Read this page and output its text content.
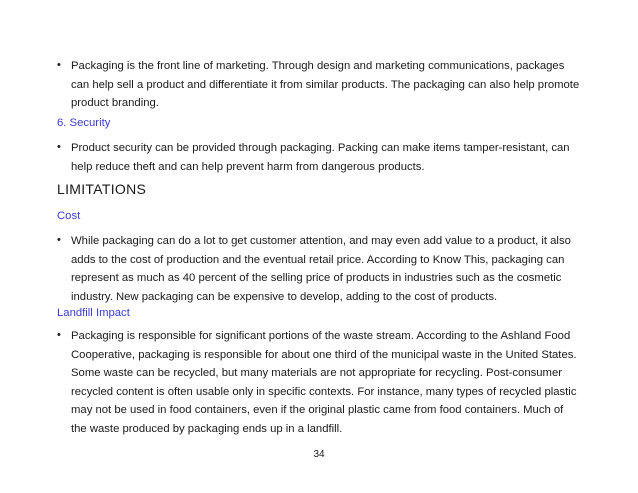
• Packaging is the front line of marketing. Through design and marketing communications, packages can help sell a product and differentiate it from similar products. The packaging can also help promote product branding.
6. Security
• Product security can be provided through packaging. Packing can make items tamper-resistant, can help reduce theft and can help prevent harm from dangerous products.
LIMITATIONS
Cost
• While packaging can do a lot to get customer attention, and may even add value to a product, it also adds to the cost of production and the eventual retail price. According to Know This, packaging can represent as much as 40 percent of the selling price of products in industries such as the cosmetic industry. New packaging can be expensive to develop, adding to the cost of products.
Landfill Impact
• Packaging is responsible for significant portions of the waste stream. According to the Ashland Food Cooperative, packaging is responsible for about one third of the municipal waste in the United States. Some waste can be recycled, but many materials are not appropriate for recycling. Post-consumer recycled content is often usable only in specific contexts. For instance, many types of recycled plastic may not be used in food containers, even if the original plastic came from food containers. Much of the waste produced by packaging ends up in a landfill.
34
